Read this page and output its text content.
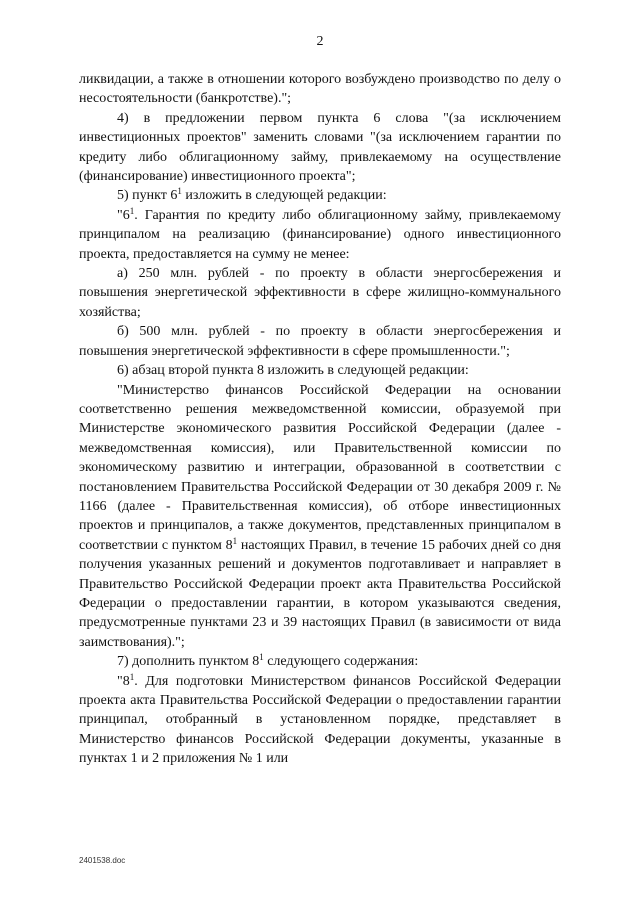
2

ликвидации, а также в отношении которого возбуждено производство по делу о несостоятельности (банкротстве).";

4) в предложении первом пункта 6 слова "(за исключением инвестиционных проектов" заменить словами "(за исключением гарантии по кредиту либо облигационному займу, привлекаемому на осуществление (финансирование) инвестиционного проекта";

5) пункт $6^1$ изложить в следующей редакции:

"$6^1$. Гарантия по кредиту либо облигационному займу, привлекаемому принципалом на реализацию (финансирование) одного инвестиционного проекта, предоставляется на сумму не менее:

а) 250 млн. рублей - по проекту в области энергосбережения и повышения энергетической эффективности в сфере жилищно-коммунального хозяйства;

б) 500 млн. рублей - по проекту в области энергосбережения и повышения энергетической эффективности в сфере промышленности.";

6) абзац второй пункта 8 изложить в следующей редакции:

"Министерство финансов Российской Федерации на основании соответственно решения межведомственной комиссии, образуемой при Министерстве экономического развития Российской Федерации (далее - межведомственная комиссия), или Правительственной комиссии по экономическому развитию и интеграции, образованной в соответствии с постановлением Правительства Российской Федерации от 30 декабря 2009 г. № 1166 (далее - Правительственная комиссия), об отборе инвестиционных проектов и принципалов, а также документов, представленных принципалом в соответствии с пунктом $8^1$ настоящих Правил, в течение 15 рабочих дней со дня получения указанных решений и документов подготавливает и направляет в Правительство Российской Федерации проект акта Правительства Российской Федерации о предоставлении гарантии, в котором указываются сведения, предусмотренные пунктами 23 и 39 настоящих Правил (в зависимости от вида заимствования).";

7) дополнить пунктом $8^1$ следующего содержания:

"$8^1$. Для подготовки Министерством финансов Российской Федерации проекта акта Правительства Российской Федерации о предоставлении гарантии принципал, отобранный в установленном порядке, представляет в Министерство финансов Российской Федерации документы, указанные в пунктах 1 и 2 приложения № 1 или

2401538.doc
